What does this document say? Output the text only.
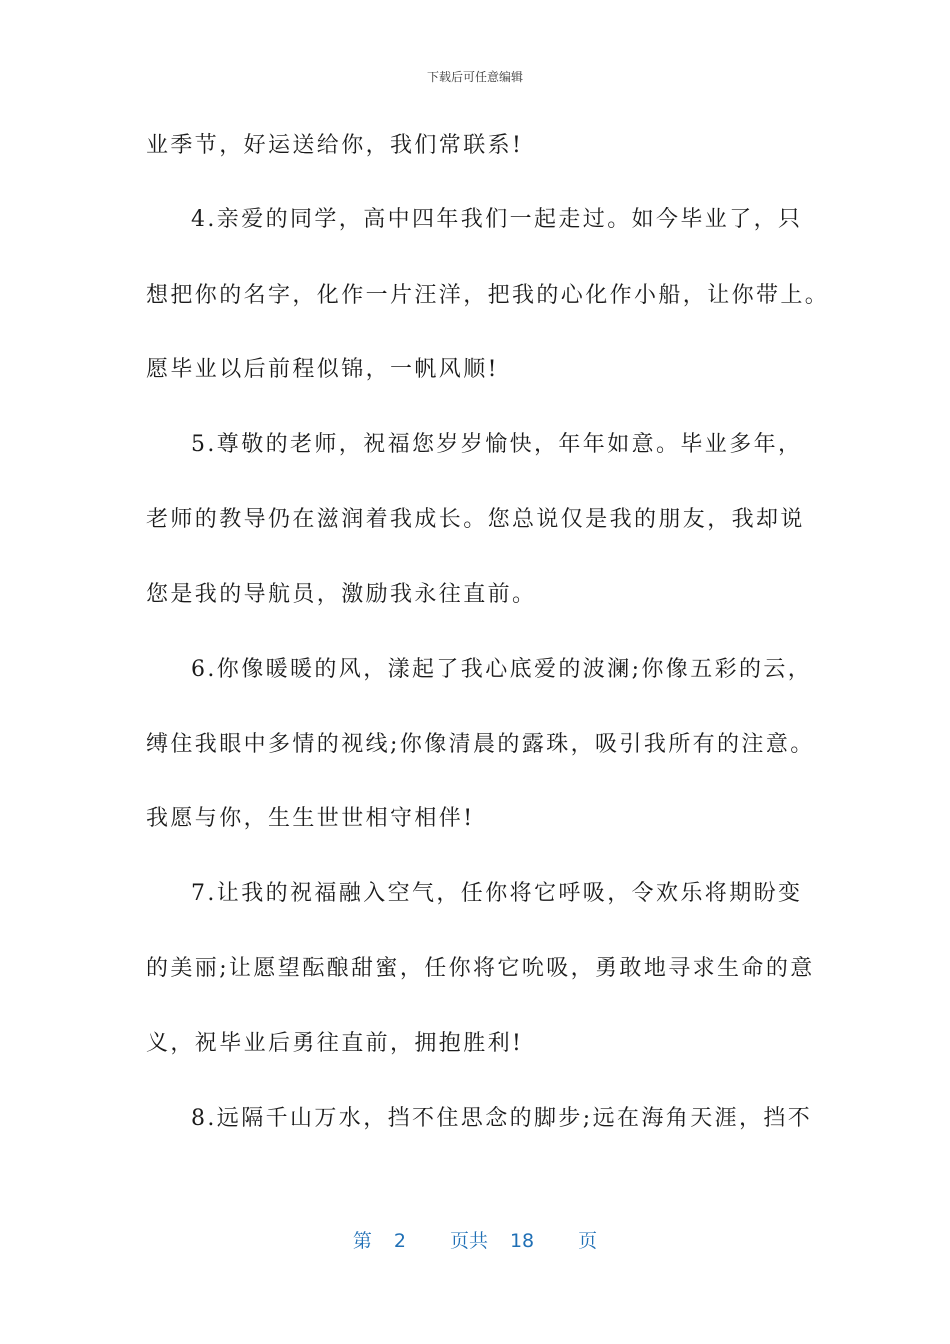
下载后可任意编辑
业季节，好运送给你，我们常联系!
4.亲爱的同学，高中四年我们一起走过。如今毕业了，只
想把你的名字，化作一片汪洋，把我的心化作小船，让你带上。
愿毕业以后前程似锦，一帆风顺!
5.尊敬的老师，祝福您岁岁愉快，年年如意。毕业多年，
老师的教导仍在滋润着我成长。您总说仅是我的朋友，我却说
您是我的导航员，激励我永往直前。
6.你像暖暖的风，漾起了我心底爱的波澜;你像五彩的云，
缚住我眼中多情的视线;你像清晨的露珠，吸引我所有的注意。
我愿与你，生生世世相守相伴!
7.让我的祝福融入空气，任你将它呼吸，令欢乐将期盼变
的美丽;让愿望酝酿甜蜜，任你将它吮吸，勇敢地寻求生命的意
义，祝毕业后勇往直前，拥抱胜利!
8.远隔千山万水，挡不住思念的脚步;远在海角天涯，挡不
第 2 页共 18 页
